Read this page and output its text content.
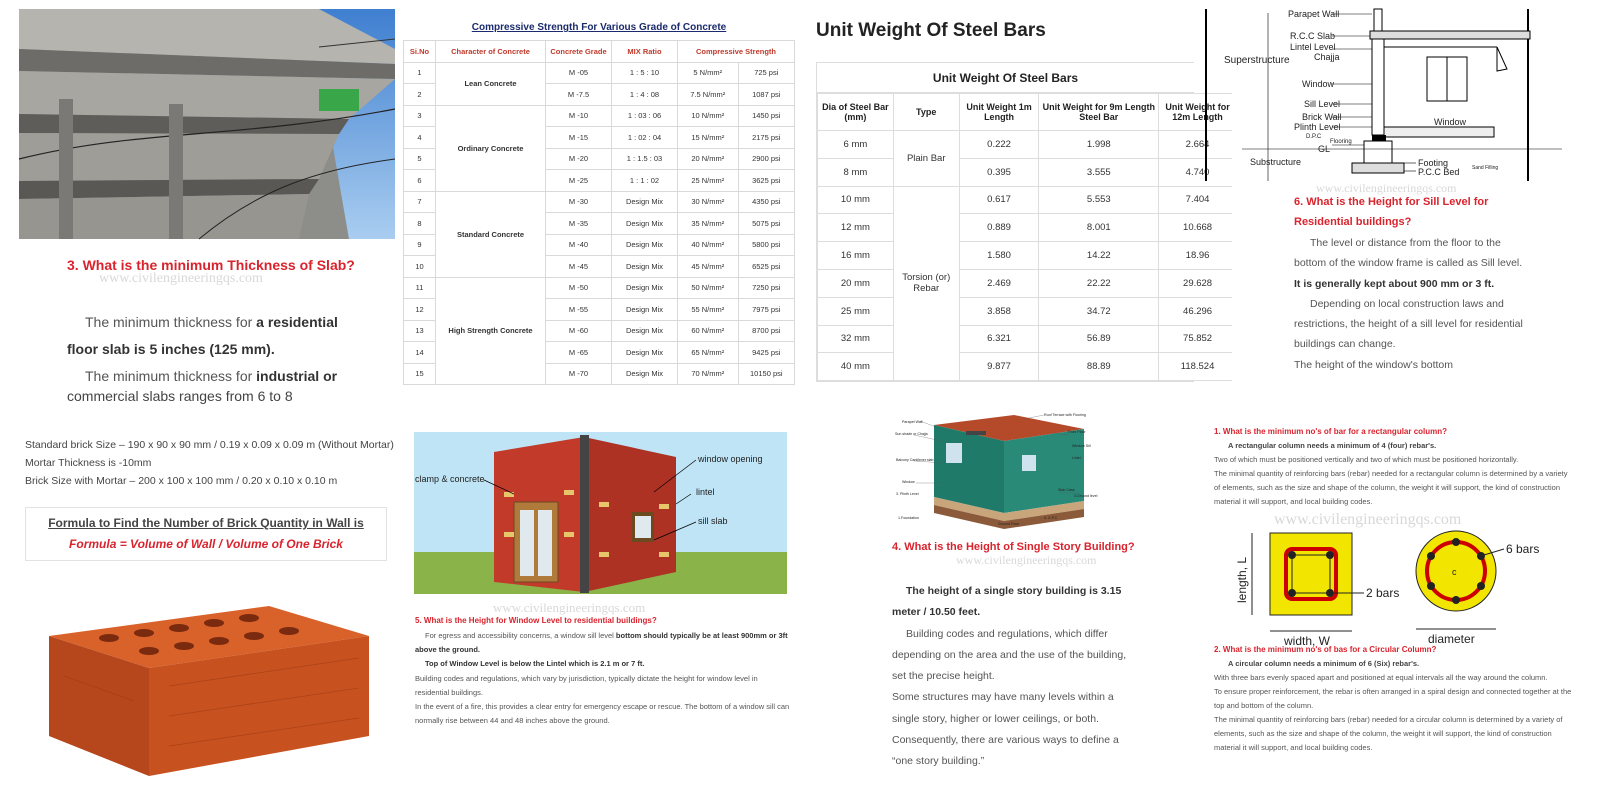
3. What is the minimum Thickness of Slab?
www.civilengineeringqs.com
The minimum thickness for a residential floor slab is 5 inches (125 mm).
The minimum thickness for industrial or
commercial slabs ranges from 6 to 8
Compressive Strength For Various Grade of Concrete
Si.No	Character of Concrete	Concrete Grade	MIX Ratio	Compressive Strength	
1	Lean Concrete	M -05	1 : 5 : 10	5 N/mm²	725 psi
2		M -7.5	1 : 4 : 08	7.5 N/mm²	1087 psi
3	Ordinary Concrete	M -10	1 : 03 : 06	10 N/mm²	1450 psi
4		M -15	1 : 02 : 04	15 N/mm²	2175 psi
5		M -20	1 : 1.5 : 03	20 N/mm²	2900 psi
6		M -25	1 : 1 : 02	25 N/mm²	3625 psi
7	Standard Concrete	M -30	Design Mix	30 N/mm²	4350 psi
8		M -35	Design Mix	35 N/mm²	5075 psi
9		M -40	Design Mix	40 N/mm²	5800 psi
10		M -45	Design Mix	45 N/mm²	6525 psi
11	High Strength Concrete	M -50	Design Mix	50 N/mm²	7250 psi
12		M -55	Design Mix	55 N/mm²	7975 psi
13		M -60	Design Mix	60 N/mm²	8700 psi
14		M -65	Design Mix	65 N/mm²	9425 psi
15		M -70	Design Mix	70 N/mm²	10150 psi
Unit Weight Of Steel Bars
Unit Weight Of Steel Bars
Dia of Steel Bar (mm)	Type	Unit Weight 1m Length	Unit Weight for 9m Length Steel Bar	Unit Weight for 12m Length
6 mm	Plain Bar	0.222	1.998	2.664
8 mm		0.395	3.555	4.740
10 mm	Torsion (or) Rebar	0.617	5.553	7.404
12 mm		0.889	8.001	10.668
16 mm		1.580	14.22	18.96
20 mm		2.469	22.22	29.628
25 mm		3.858	34.72	46.296
32 mm		6.321	56.89	75.852
40 mm		9.877	88.89	118.524
Parapet Wall
R.C.C Slab
Lintel Level
Chajja
Superstructure
Window
Sill Level
Brick Wall
Plinth Level
D.P.C
Flooring
GL
Substructure	Footing
P.C.C Bed	Sand Filling
Window
www.civilengineeringqs.com
6. What is the Height for Sill Level for Residential buildings?
The level or distance from the floor to the bottom of the window frame is called as Sill level. It is generally kept about 900 mm or 3 ft.
Depending on local construction laws and restrictions, the height of a sill level for residential buildings can change.
The height of the window's bottom
Standard brick Size – 190 x 90 x 90 mm / 0.19 x 0.09 x 0.09 m (Without Mortar)
Mortar Thickness is -10mm
Brick Size with Mortar – 200 x 100 x 100 mm / 0.20 x 0.10 x 0.10 m
Formula to Find the Number of Brick Quantity in Wall is
Formula = Volume of Wall / Volume of One Brick
window opening
lintel
sill slab
clamp & concrete
www.civilengineeringqs.com
5. What is the Height for Window Level to residential buildings?
For egress and accessibility concerns, a window sill level bottom should typically be at least 900mm or 3ft above the ground.
Top of Window Level is below the Lintel which is 2.1 m or 7 ft.
Building codes and regulations, which vary by jurisdiction, typically dictate the height for window level in residential buildings.
In the event of a fire, this provides a clear entry for emergency escape or rescue. The bottom of a window sill can normally rise between 44 and 48 inches above the ground.
Roof Terrace with Flooring
Parapet Wall
Sun shade or Chajja	Front Floor
Window Sill
Balcony Cantilever slab	Lintel
Window
Stair Case
3. Plinth Level	3.Ground level
1.Foundation
Ground Floor
4. G.P.C
4. What is the Height of Single Story Building?
www.civilengineeringqs.com
The height of a single story building is 3.15 meter / 10.50 feet.
Building codes and regulations, which differ depending on the area and the use of the building, set the precise height.
Some structures may have many levels within a single story, higher or lower ceilings, or both.
Consequently, there are various ways to define a “one story building.”
1. What is the minimum no's of bar for a rectangular column?
A rectangular column needs a minimum of 4 (four) rebar's.
Two of which must be positioned vertically and two of which must be positioned horizontally.
The minimal quantity of reinforcing bars (rebar) needed for a rectangular column is determined by a variety of elements, such as the size and shape of the column, the weight it will support, the kind of construction material it will support, and local building codes.
www.civilengineeringqs.com
length, L
width, W
2 bars
c
6 bars
diameter
2. What is the minimum no's of bas for a Circular Column?
A circular column needs a minimum of 6 (Six) rebar's.
With three bars evenly spaced apart and positioned at equal intervals all the way around the column.
To ensure proper reinforcement, the rebar is often arranged in a spiral design and connected together at the top and bottom of the column.
The minimal quantity of reinforcing bars (rebar) needed for a circular column is determined by a variety of elements, such as the size and shape of the column, the weight it will support, the kind of construction material it will support, and local building codes.
